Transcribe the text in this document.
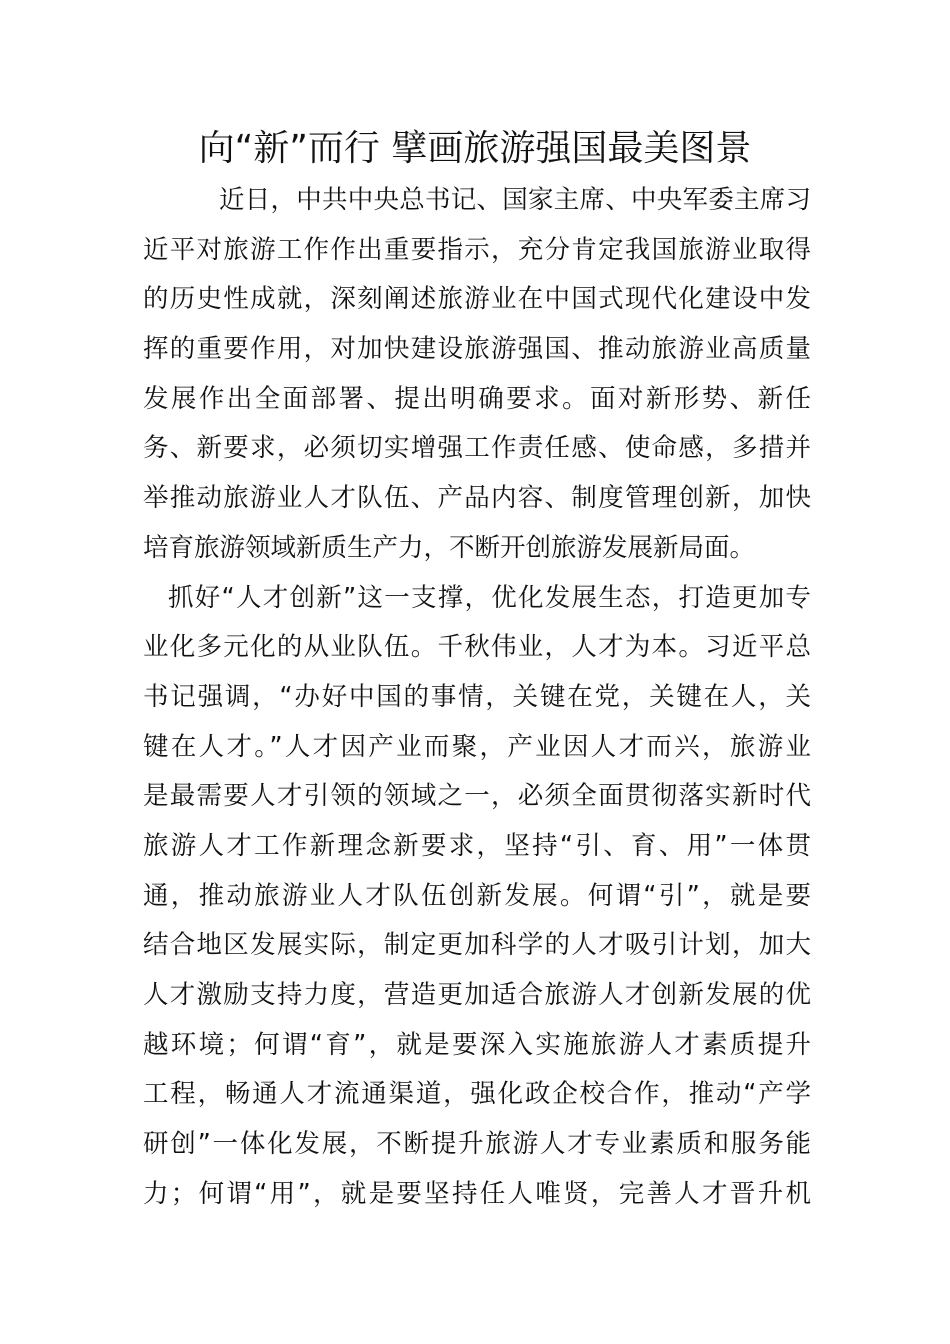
向“新”而行 擘画旅游强国最美图景
近日，中共中央总书记、国家主席、中央军委主席习
近平对旅游工作作出重要指示，充分肯定我国旅游业取得
的历史性成就，深刻阐述旅游业在中国式现代化建设中发
挥的重要作用，对加快建设旅游强国、推动旅游业高质量
发展作出全面部署、提出明确要求。面对新形势、新任
务、新要求，必须切实增强工作责任感、使命感，多措并
举推动旅游业人才队伍、产品内容、制度管理创新，加快
培育旅游领域新质生产力，不断开创旅游发展新局面。
抓好“人才创新”这一支撑，优化发展生态，打造更加专
业化多元化的从业队伍。千秋伟业，人才为本。习近平总
书记强调，“办好中国的事情，关键在党，关键在人，关
键在人才。”人才因产业而聚，产业因人才而兴，旅游业
是最需要人才引领的领域之一，必须全面贯彻落实新时代
旅游人才工作新理念新要求，坚持“引、育、用”一体贯
通，推动旅游业人才队伍创新发展。何谓“引”，就是要
结合地区发展实际，制定更加科学的人才吸引计划，加大
人才激励支持力度，营造更加适合旅游人才创新发展的优
越环境；何谓“育”，就是要深入实施旅游人才素质提升
工程，畅通人才流通渠道，强化政企校合作，推动“产学
研创”一体化发展，不断提升旅游人才专业素质和服务能
力；何谓“用”，就是要坚持任人唯贤，完善人才晋升机
